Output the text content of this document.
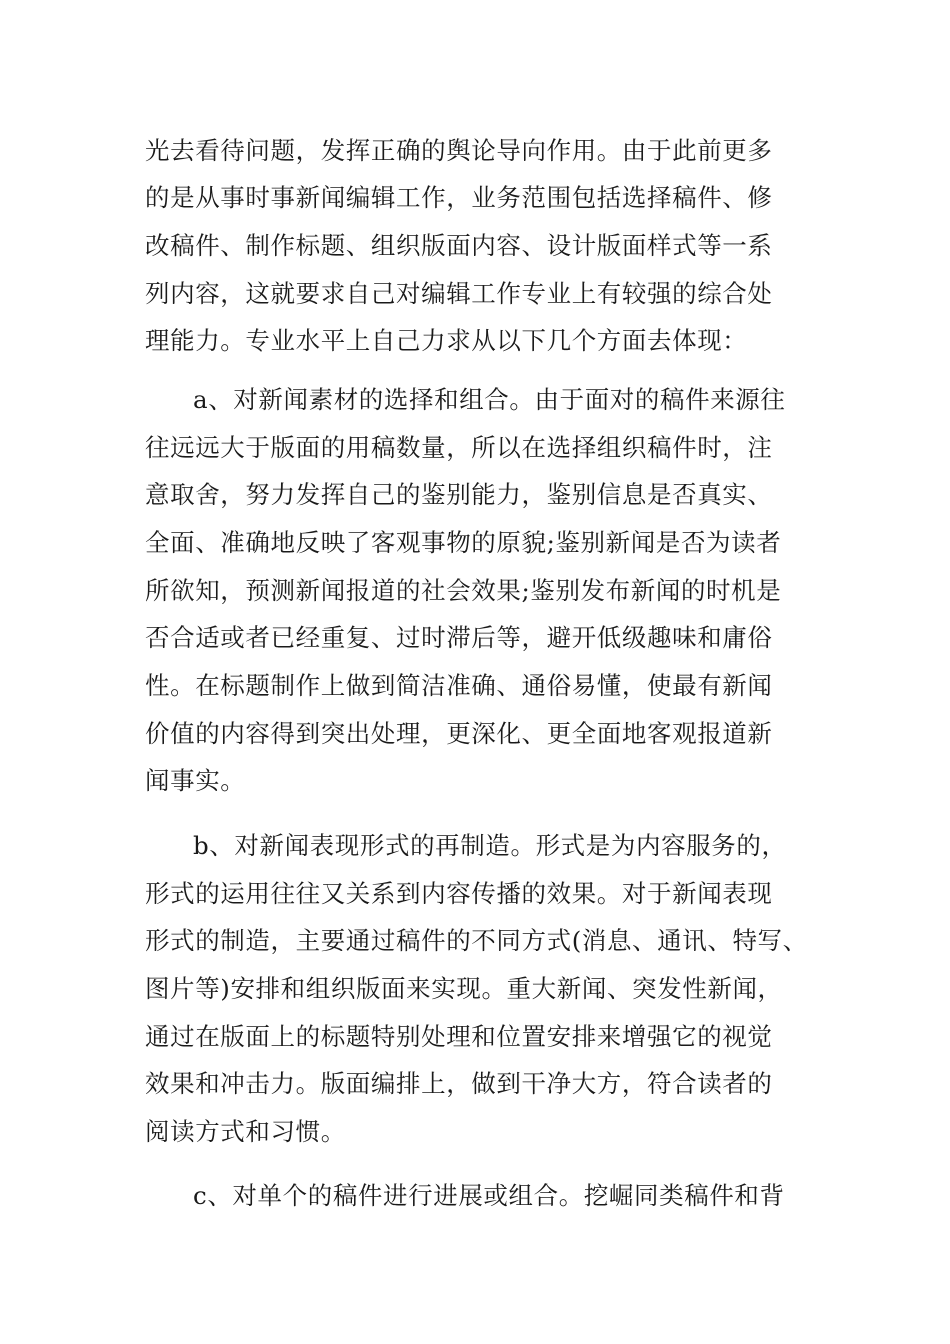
光去看待问题，发挥正确的舆论导向作用。由于此前更多
的是从事时事新闻编辑工作，业务范围包括选择稿件、修
改稿件、制作标题、组织版面内容、设计版面样式等一系
列内容，这就要求自己对编辑工作专业上有较强的综合处
理能力。专业水平上自己力求从以下几个方面去体现：
a、对新闻素材的选择和组合。由于面对的稿件来源往
往远远大于版面的用稿数量，所以在选择组织稿件时，注
意取舍，努力发挥自己的鉴别能力，鉴别信息是否真实、
全面、准确地反映了客观事物的原貌;鉴别新闻是否为读者
所欲知，预测新闻报道的社会效果;鉴别发布新闻的时机是
否合适或者已经重复、过时滞后等，避开低级趣味和庸俗
性。在标题制作上做到简洁准确、通俗易懂，使最有新闻
价值的内容得到突出处理，更深化、更全面地客观报道新
闻事实。
b、对新闻表现形式的再制造。形式是为内容服务的，
形式的运用往往又关系到内容传播的效果。对于新闻表现
形式的制造，主要通过稿件的不同方式(消息、通讯、特写、
图片等)安排和组织版面来实现。重大新闻、突发性新闻，
通过在版面上的标题特别处理和位置安排来增强它的视觉
效果和冲击力。版面编排上，做到干净大方，符合读者的
阅读方式和习惯。
c、对单个的稿件进行进展或组合。挖崛同类稿件和背
